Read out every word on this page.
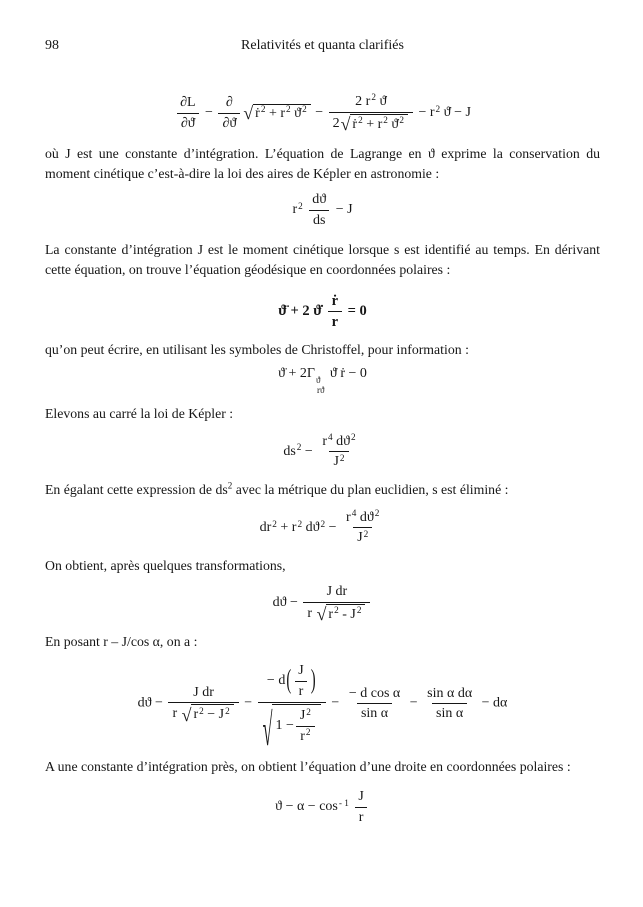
98	Relativités et quanta clarifiés
$\frac{\partial L}{\partial ϑ̇} - \frac{\partial}{\partial ϑ̇}$ √ ṙ$^2$ + $r^2$ ϑ̇$^2$ − $\frac{2 r^2 ϑ̇}{2 √ ṙ^2 + r^2 ϑ̇^2} - r^2$ ϑ̇ − J

où J est une constante d’intégration. L’équation de Lagrange en ϑ exprime la conservation du moment cinétique c’est-à-dire la loi des aires de Képler en astronomie :

$r^2 \frac{dϑ}{ds} - J$

La constante d’intégration J est le moment cinétique lorsque s est identifié au temps. En dérivant cette équation, on trouve l’équation géodésique en coordonnées polaires :

ϑ̈ + 2 ϑ̇ $\frac{\text{ṙ}}{r} = 0$

qu’on peut écrire, en utilisant les symboles de Christoffel, pour information :

ϑ̈ + 2Γ ϑ
rϑ
ϑ̇ ṙ − 0

Elevons au carré la loi de Képler :

$ds^2 - \frac{r^4 dϑ^2}{J^2}$

En égalant cette expression de $ds^2$ avec la métrique du plan euclidien, s est éliminé :

$dr^2 + r^2$ $dϑ^2 - \frac{r^4 dϑ^2}{J^2}$

On obtient, après quelques transformations,

$dϑ - \frac{\text{J dr}}{r √ r^2 - J^2}$

En posant r – J/cos α, on a :

$dϑ - \frac{\text{J dr}}{r √ r^2 - J^2} - \frac{- d ( \frac{J}{r} )}{√ 1 - \frac{J^2}{r^2}} - \frac{\text{− d cos α}}{\text{sin α}} - \frac{\text{sin α dα}}{\text{sin α}} - d\alpha$

A une constante d’intégration près, on obtient l’équation d’une droite en coordonnées polaires :

$ϑ - \alpha - \cos^{- 1} \frac{J}{r}$
